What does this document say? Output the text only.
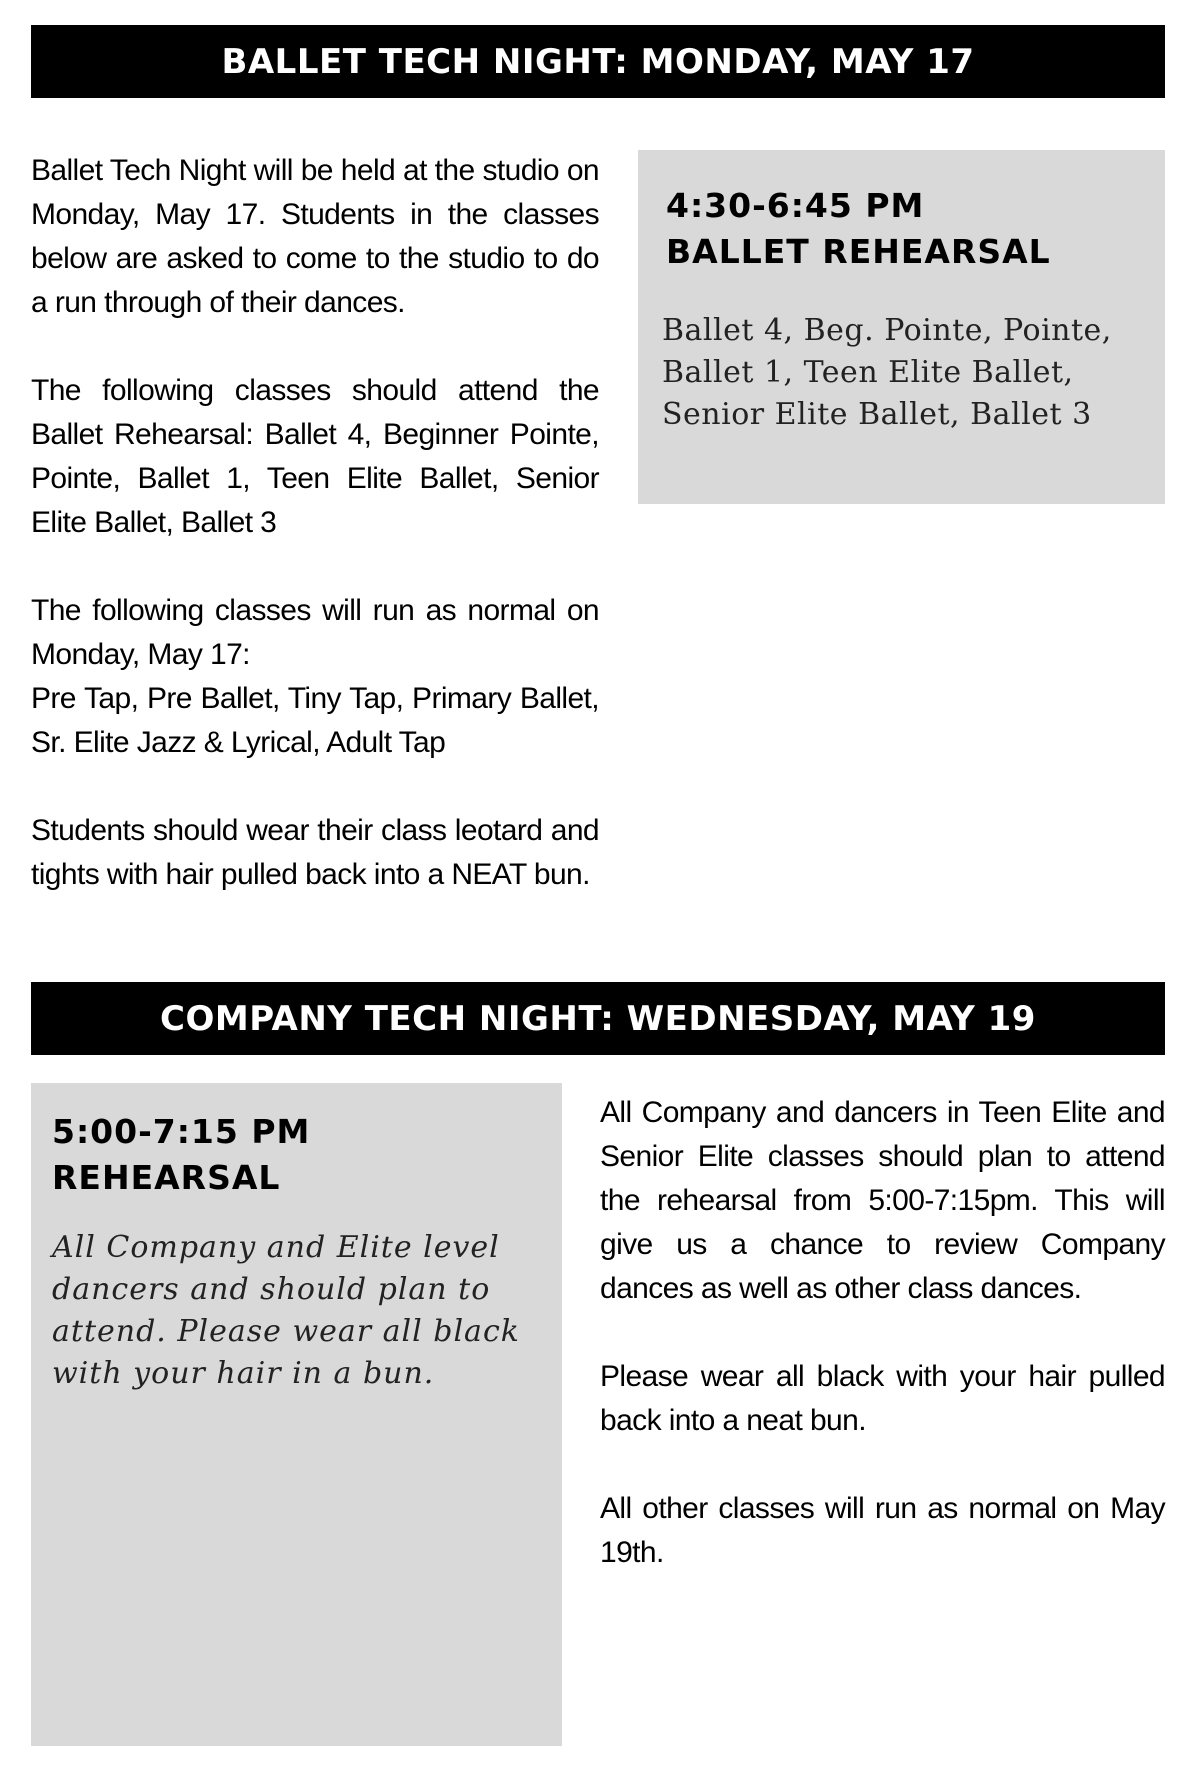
BALLET TECH NIGHT: MONDAY, MAY 17

Ballet Tech Night will be held at the studio on Monday, May 17. Students in the classes below are asked to come to the studio to do a run through of their dances.

The following classes should attend the Ballet Rehearsal: Ballet 4, Beginner Pointe, Pointe, Ballet 1, Teen Elite Ballet, Senior Elite Ballet, Ballet 3

The following classes will run as normal on Monday, May 17:

Pre Tap, Pre Ballet, Tiny Tap, Primary Ballet, Sr. Elite Jazz & Lyrical, Adult Tap

Students should wear their class leotard and tights with hair pulled back into a NEAT bun.

4:30-6:45 PM
BALLET REHEARSAL
Ballet 4, Beg. Pointe, Pointe, Ballet 1, Teen Elite Ballet, Senior Elite Ballet, Ballet 3
COMPANY TECH NIGHT: WEDNESDAY, MAY 19
5:00-7:15 PM
REHEARSAL
All Company and Elite level dancers and should plan to attend. Please wear all black with your hair in a bun.

All Company and dancers in Teen Elite and Senior Elite classes should plan to attend the rehearsal from 5:00-7:15pm. This will give us a chance to review Company dances as well as other class dances.

Please wear all black with your hair pulled back into a neat bun.

All other classes will run as normal on May 19th.
